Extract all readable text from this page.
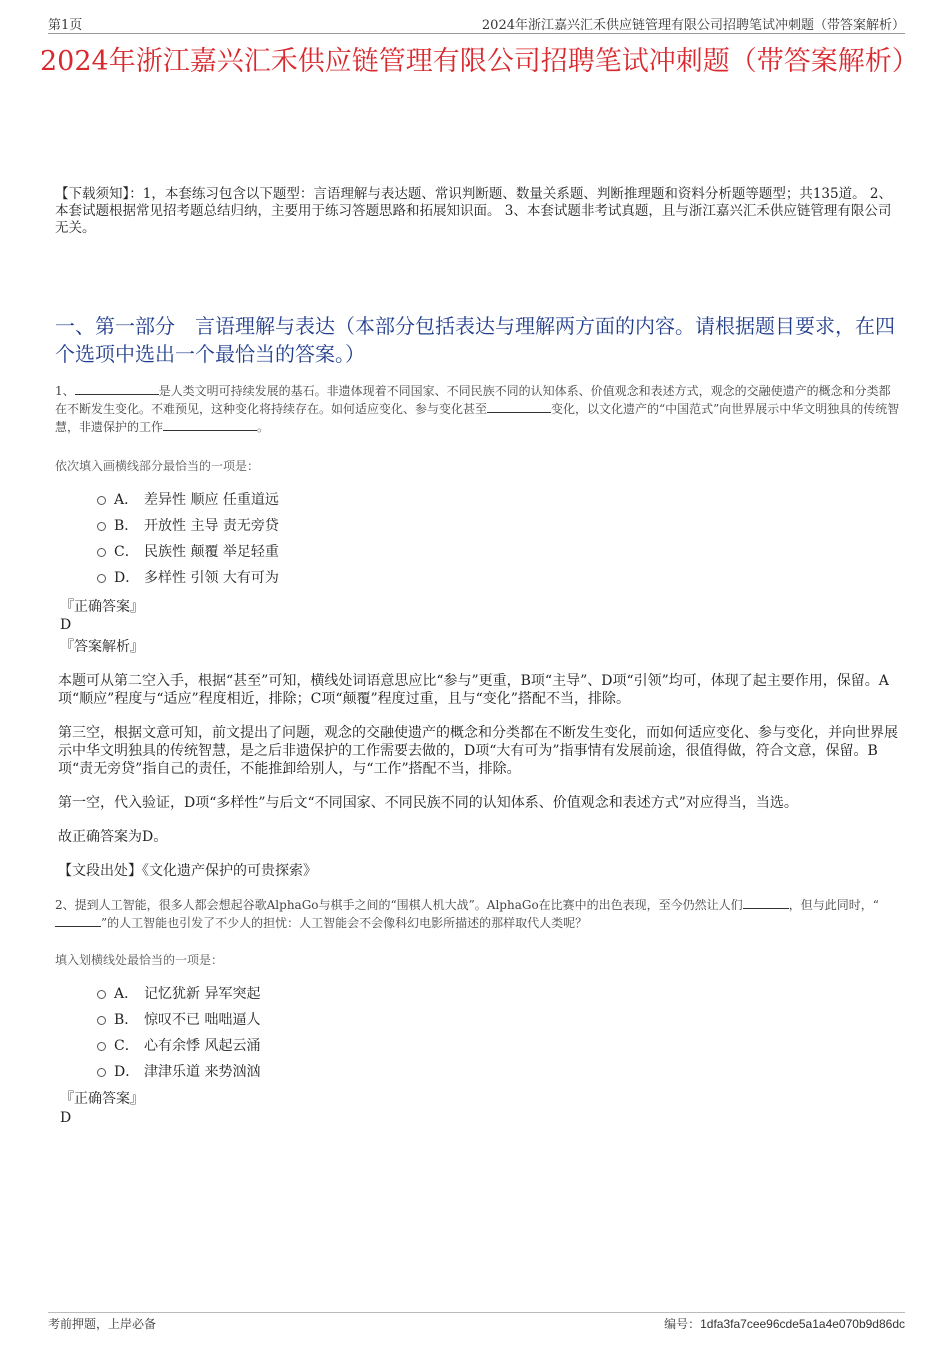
第1页	2024年浙江嘉兴汇禾供应链管理有限公司招聘笔试冲刺题（带答案解析）
2024年浙江嘉兴汇禾供应链管理有限公司招聘笔试冲刺题（带答案解析）
【下载须知】：1，本套练习包含以下题型：言语理解与表达题、常识判断题、数量关系题、判断推理题和资料分析题等题型；共135道。 2、本套试题根据常见招考题总结归纳，主要用于练习答题思路和拓展知识面。 3、本套试题非考试真题，且与浙江嘉兴汇禾供应链管理有限公司无关。
一、第一部分　言语理解与表达（本部分包括表达与理解两方面的内容。请根据题目要求，在四个选项中选出一个最恰当的答案。）
1、	是人类文明可持续发展的基石。非遗体现着不同国家、不同民族不同的认知体系、价值观念和表述方式，观念的交融使遗产的概念和分类都在不断发生变化。不难预见，这种变化将持续存在。如何适应变化、参与变化甚至	变化，以文化遗产的“中国范式”向世界展示中华文明独具的传统智慧，非遗保护的工作	。
依次填入画横线部分最恰当的一项是：
A． 差异性 顺应 任重道远
B． 开放性 主导 责无旁贷
C． 民族性 颠覆 举足轻重
D． 多样性 引领 大有可为
『正确答案』
D
『答案解析』
本题可从第二空入手，根据“甚至”可知，横线处词语意思应比“参与”更重，B项“主导”、D项“引领”均可，体现了起主要作用，保留。A项“顺应”程度与“适应”程度相近，排除；C项“颠覆”程度过重，且与“变化”搭配不当，排除。
第三空，根据文意可知，前文提出了问题，观念的交融使遗产的概念和分类都在不断发生变化，而如何适应变化、参与变化，并向世界展示中华文明独具的传统智慧，是之后非遗保护的工作需要去做的，D项“大有可为”指事情有发展前途，很值得做，符合文意，保留。B项“责无旁贷”指自己的责任，不能推卸给别人，与“工作”搭配不当，排除。
第一空，代入验证，D项“多样性”与后文“不同国家、不同民族不同的认知体系、价值观念和表述方式”对应得当，当选。
故正确答案为D。
【文段出处】《文化遗产保护的可贵探索》
2、提到人工智能，很多人都会想起谷歌AlphaGo与棋手之间的“围棋人机大战”。AlphaGo在比赛中的出色表现，至今仍然让人们	，但与此同时，“”的人工智能也引发了不少人的担忧：人工智能会不会像科幻电影所描述的那样取代人类呢？
填入划横线处最恰当的一项是：
A． 记忆犹新 异军突起
B． 惊叹不已 咄咄逼人
C． 心有余悸 风起云涌
D． 津津乐道 来势汹汹
『正确答案』
D
考前押题，上岸必备	编号：1dfa3fa7cee96cde5a1a4e070b9d86dc
